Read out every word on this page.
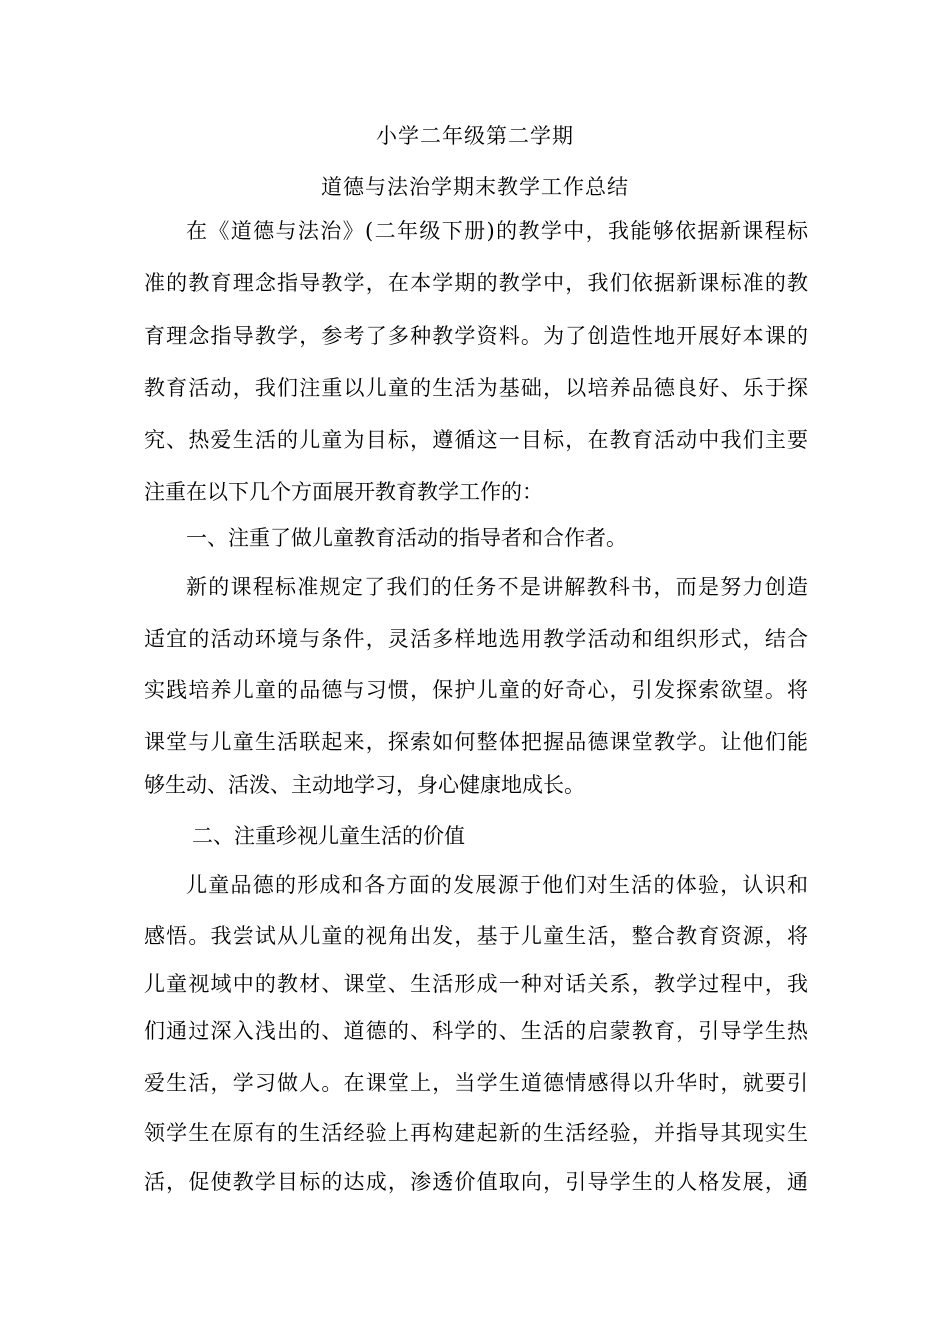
小学二年级第二学期
道德与法治学期末教学工作总结
在《道德与法治》(二年级下册)的教学中，我能够依据新课程标
准的教育理念指导教学，在本学期的教学中，我们依据新课标准的教
育理念指导教学，参考了多种教学资料。为了创造性地开展好本课的
教育活动，我们注重以儿童的生活为基础，以培养品德良好、乐于探
究、热爱生活的儿童为目标，遵循这一目标，在教育活动中我们主要
注重在以下几个方面展开教育教学工作的：
一、注重了做儿童教育活动的指导者和合作者。
新的课程标准规定了我们的任务不是讲解教科书，而是努力创造
适宜的活动环境与条件，灵活多样地选用教学活动和组织形式，结合
实践培养儿童的品德与习惯，保护儿童的好奇心，引发探索欲望。将
课堂与儿童生活联起来，探索如何整体把握品德课堂教学。让他们能
够生动、活泼、主动地学习，身心健康地成长。
二、注重珍视儿童生活的价值
儿童品德的形成和各方面的发展源于他们对生活的体验，认识和
感悟。我尝试从儿童的视角出发，基于儿童生活，整合教育资源，将
儿童视域中的教材、课堂、生活形成一种对话关系，教学过程中，我
们通过深入浅出的、道德的、科学的、生活的启蒙教育，引导学生热
爱生活，学习做人。在课堂上，当学生道德情感得以升华时，就要引
领学生在原有的生活经验上再构建起新的生活经验，并指导其现实生
活，促使教学目标的达成，渗透价值取向，引导学生的人格发展，通
